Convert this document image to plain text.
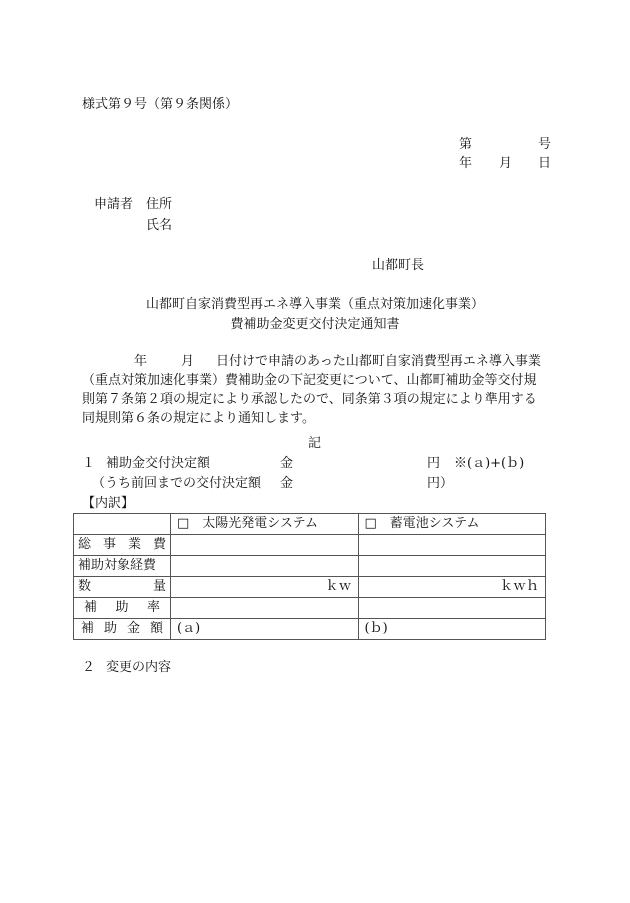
様式第９号（第９条関係）
第	号
年 月 日
申請者 住所
氏名
山都町長
山都町自家消費型再エネ導入事業（重点対策加速化事業）
費補助金変更交付決定通知書
年	月 日付けで申請のあった山都町自家消費型再エネ導入事業
（重点対策加速化事業）費補助金の下記変更について、山都町補助金等交付規
則第７条第２項の規定により承認したので、同条第３項の規定により準用する
同規則第６条の規定により通知します。
記
１ 補助金交付決定額	金	円 ※(ａ)+(ｂ)
（うち前回までの交付決定額 金	円）
【内訳】
	□　太陽光発電システム	□　蓄電池システム

総 事 業 費		

補助対象経費		

数 量	ｋｗ	ｋｗｈ

補 助 率		

補 助 金 額	(ａ)	(ｂ)
２ 変更の内容
